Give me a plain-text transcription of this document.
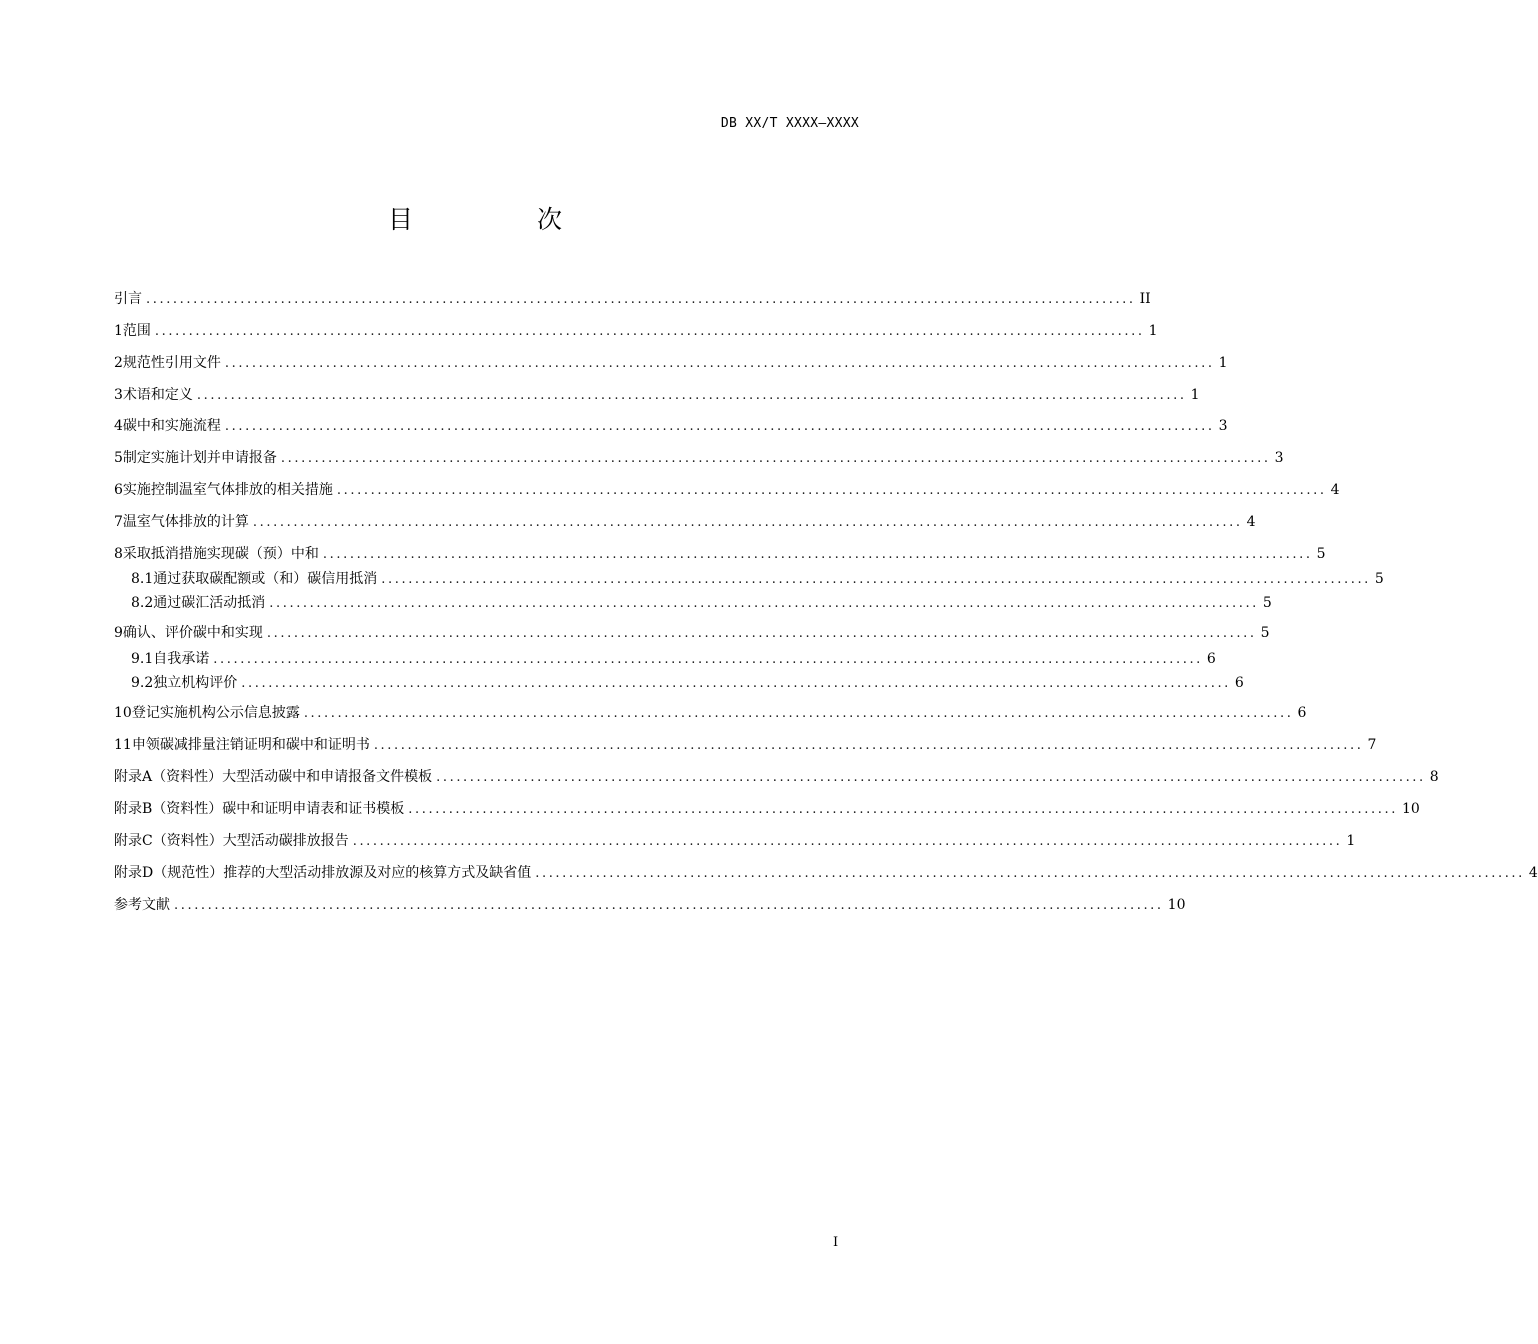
DB XX/T XXXX—XXXX
目 次
引言 ................................................................................................................................................... II
1 范围 ................................................................................................................................................... 1
2 规范性引用文件 ................................................................................................................................................... 1
3 术语和定义 ................................................................................................................................................... 1
4 碳中和实施流程 ................................................................................................................................................... 3
5 制定实施计划并申请报备 ................................................................................................................................................... 3
6 实施控制温室气体排放的相关措施 ................................................................................................................................................... 4
7 温室气体排放的计算 ................................................................................................................................................... 4
8 采取抵消措施实现碳（预）中和 ................................................................................................................................................... 5
8.1 通过获取碳配额或（和）碳信用抵消 ................................................................................................................................................... 5
8.2 通过碳汇活动抵消 ................................................................................................................................................... 5
9 确认、评价碳中和实现 ................................................................................................................................................... 5
9.1 自我承诺 ................................................................................................................................................... 6
9.2 独立机构评价 ................................................................................................................................................... 6
10 登记实施机构公示信息披露 ................................................................................................................................................... 6
11 申领碳减排量注销证明和碳中和证明书 ................................................................................................................................................... 7
附录A（资料性） 大型活动碳中和申请报备文件模板 ................................................................................................................................................... 8
附录B（资料性） 碳中和证明申请表和证书模板 ................................................................................................................................................... 10
附录C（资料性） 大型活动碳排放报告 ................................................................................................................................................... 1
附录D（规范性） 推荐的大型活动排放源及对应的核算方式及缺省值 ................................................................................................................................................... 4
参考文献 ................................................................................................................................................... 10
I
